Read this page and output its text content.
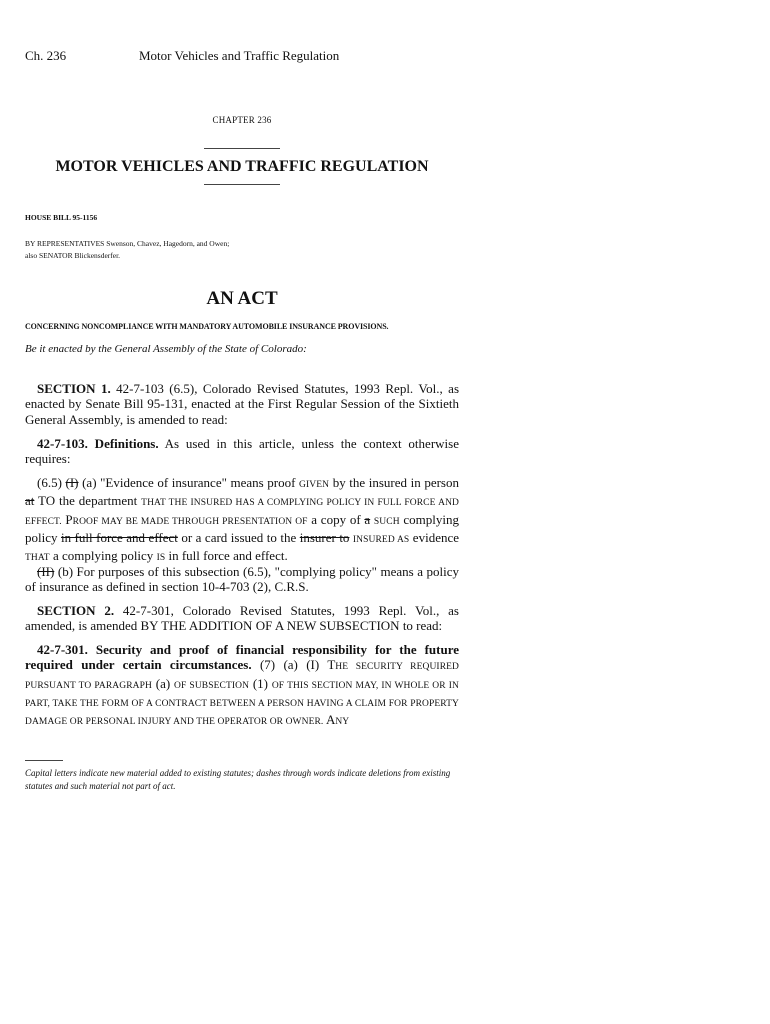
Ch. 236	Motor Vehicles and Traffic Regulation
CHAPTER 236
MOTOR VEHICLES AND TRAFFIC REGULATION
HOUSE BILL 95-1156
BY REPRESENTATIVES Swenson, Chavez, Hagedorn, and Owen;
also SENATOR Blickensderfer.
AN ACT
CONCERNING NONCOMPLIANCE WITH MANDATORY AUTOMOBILE INSURANCE PROVISIONS.
Be it enacted by the General Assembly of the State of Colorado:
SECTION 1. 42-7-103 (6.5), Colorado Revised Statutes, 1993 Repl. Vol., as enacted by Senate Bill 95-131, enacted at the First Regular Session of the Sixtieth General Assembly, is amended to read:
42-7-103. Definitions. As used in this article, unless the context otherwise requires:
(6.5) (I) (a) "Evidence of insurance" means proof GIVEN by the insured in person at TO the department THAT THE INSURED HAS A COMPLYING POLICY IN FULL FORCE AND EFFECT. PROOF MAY BE MADE THROUGH PRESENTATION OF a copy of a SUCH complying policy in full force and effect or a card issued to the insurer to INSURED AS evidence THAT a complying policy IS in full force and effect.
(II) (b) For purposes of this subsection (6.5), "complying policy" means a policy of insurance as defined in section 10-4-703 (2), C.R.S.
SECTION 2. 42-7-301, Colorado Revised Statutes, 1993 Repl. Vol., as amended, is amended BY THE ADDITION OF A NEW SUBSECTION to read:
42-7-301. Security and proof of financial responsibility for the future required under certain circumstances. (7) (a) (I) THE SECURITY REQUIRED PURSUANT TO PARAGRAPH (a) OF SUBSECTION (1) OF THIS SECTION MAY, IN WHOLE OR IN PART, TAKE THE FORM OF A CONTRACT BETWEEN A PERSON HAVING A CLAIM FOR PROPERTY DAMAGE OR PERSONAL INJURY AND THE OPERATOR OR OWNER. ANY
Capital letters indicate new material added to existing statutes; dashes through words indicate deletions from existing statutes and such material not part of act.
